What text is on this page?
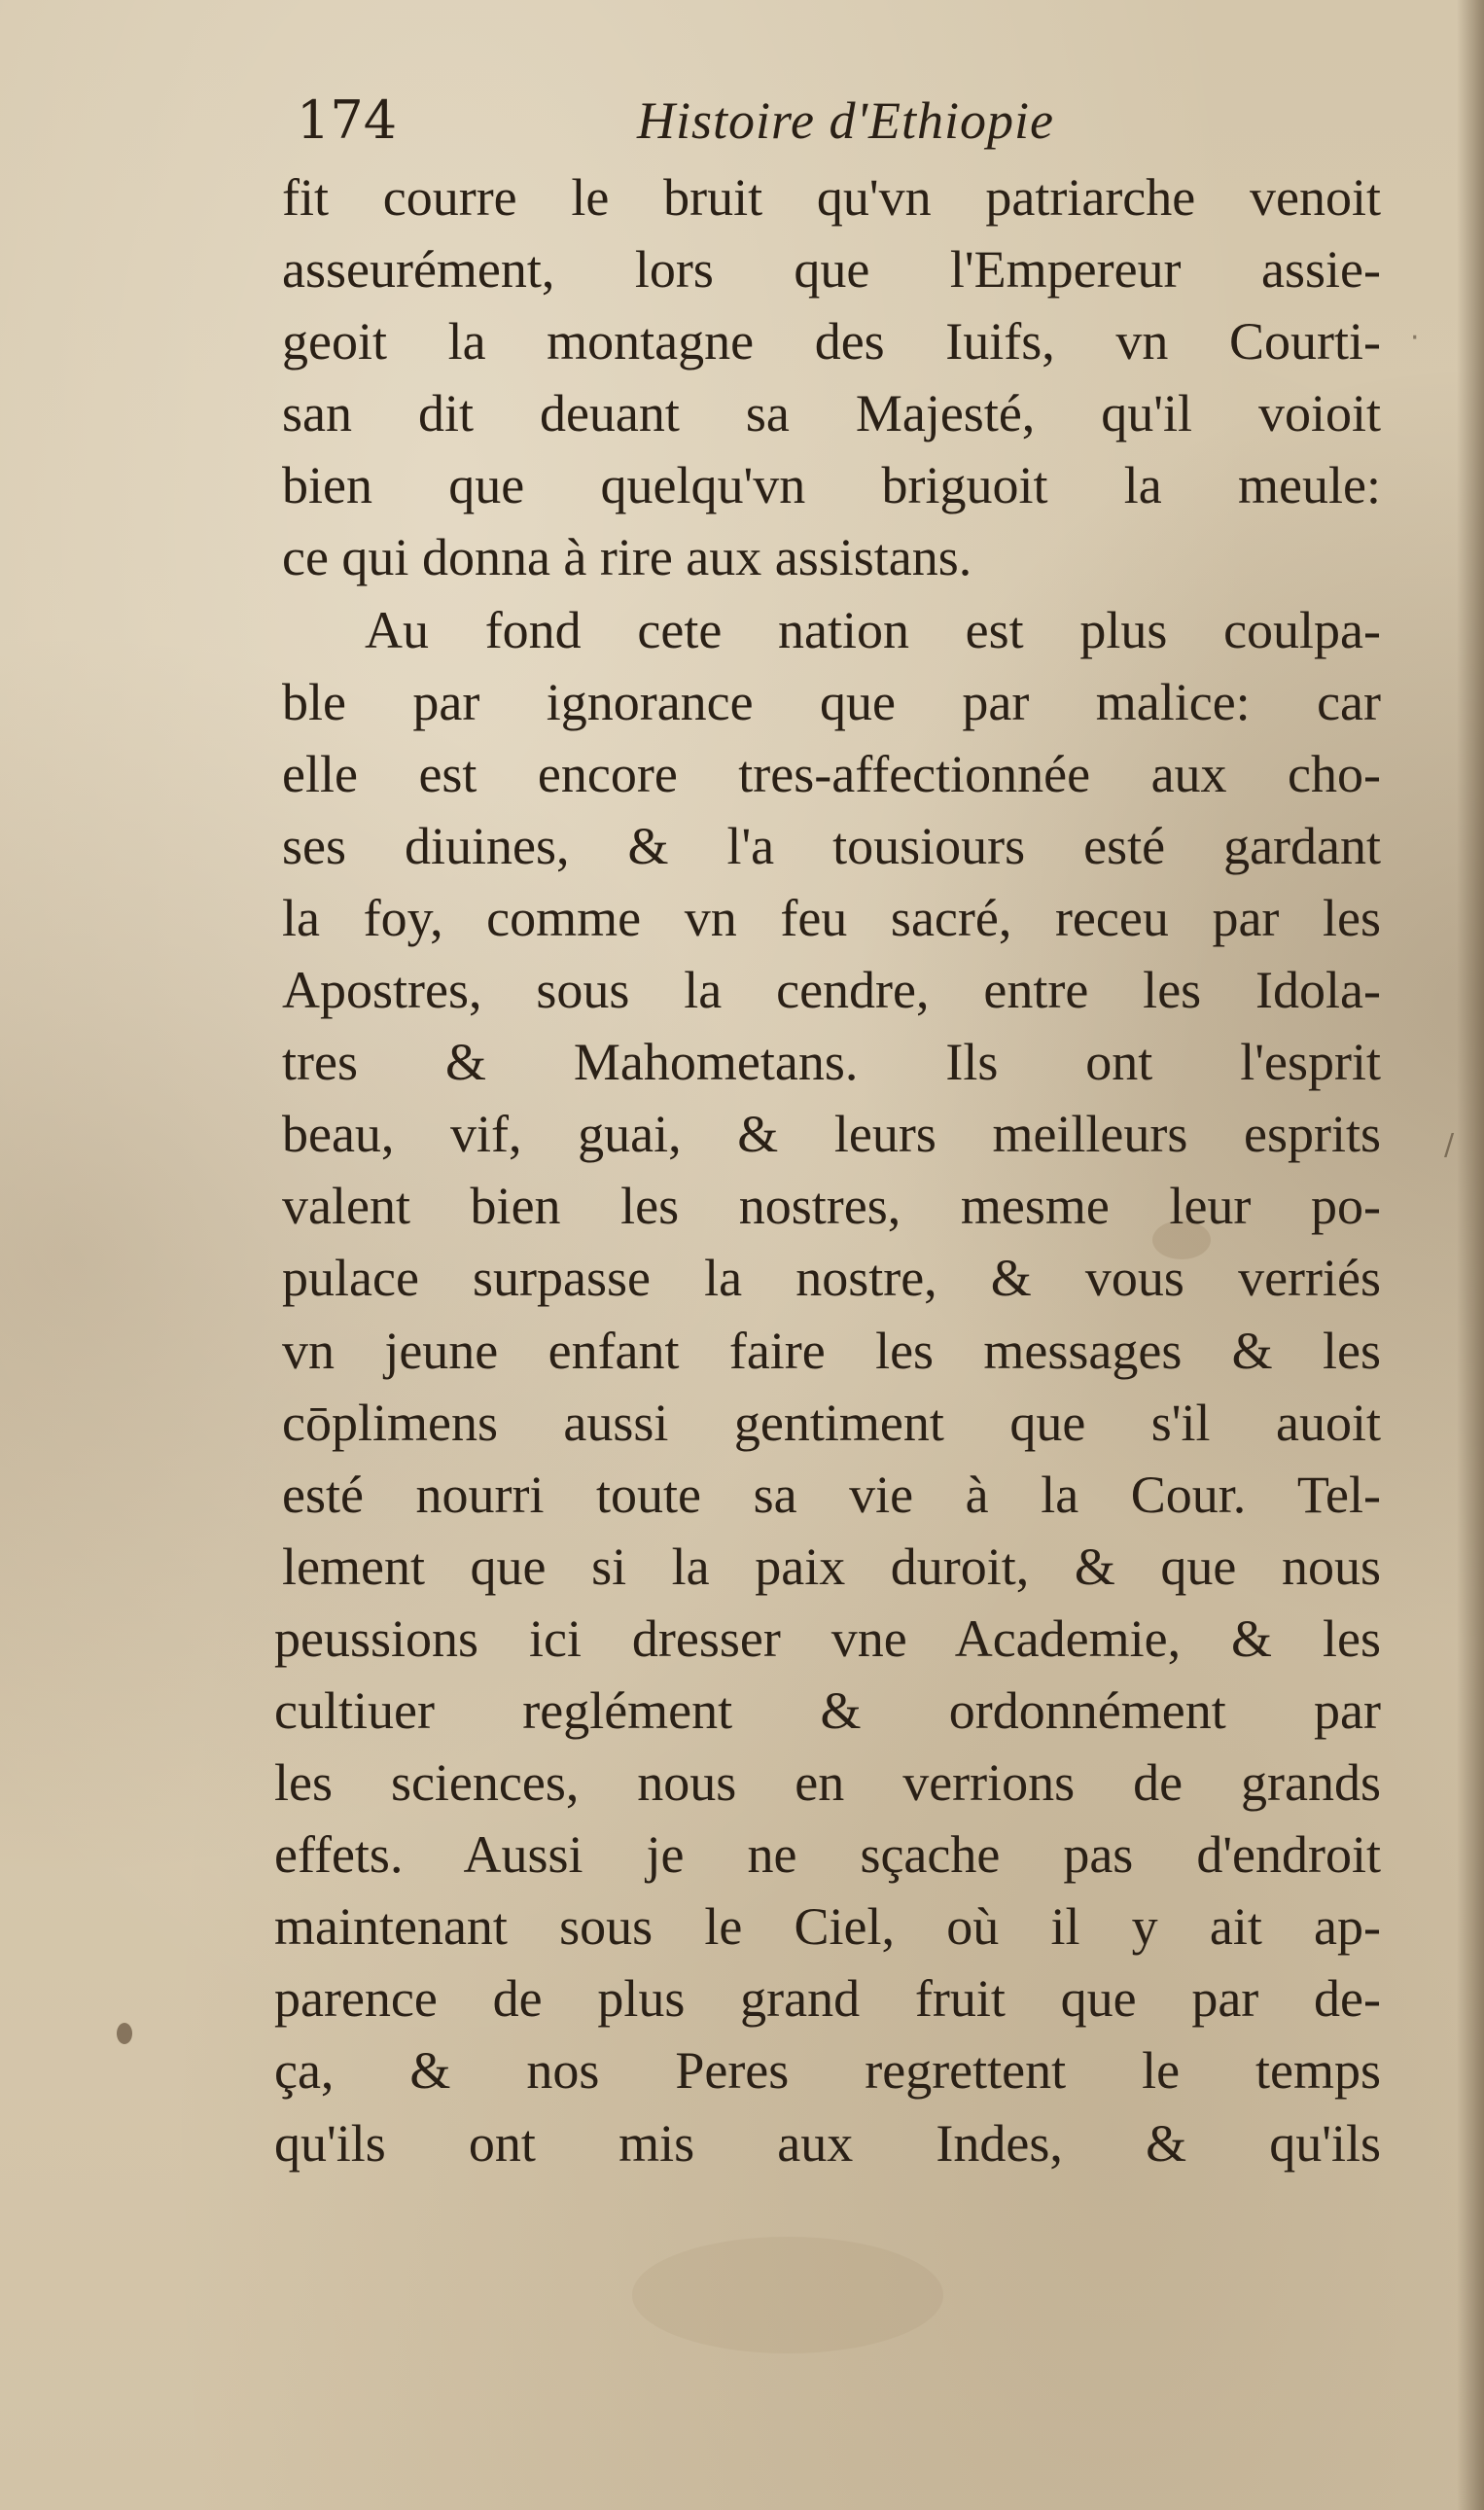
·
/
174	Histoire d'Ethiopie
fit courre le bruit qu'vn patriarche venoit
asseurément, lors que l'Empereur assie-
geoit la montagne des Iuifs, vn Courti-
san dit deuant sa Majesté, qu'il voioit
bien que quelqu'vn briguoit la meule:
ce qui donna à rire aux assistans.
Au fond cete nation est plus coulpa-
ble par ignorance que par malice: car
elle est encore tres-affectionnée aux cho-
ses diuines, & l'a tousiours esté gardant
la foy, comme vn feu sacré, receu par les
Apostres, sous la cendre, entre les Idola-
tres & Mahometans. Ils ont l'esprit
beau, vif, guai, & leurs meilleurs esprits
valent bien les nostres, mesme leur po-
pulace surpasse la nostre, & vous verriés
vn jeune enfant faire les messages & les
cōplimens aussi gentiment que s'il auoit
esté nourri toute sa vie à la Cour. Tel-
lement que si la paix duroit, & que nous
peussions ici dresser vne Academie, & les
cultiuer reglément & ordonnément par
les sciences, nous en verrions de grands
effets. Aussi je ne sçache pas d'endroit
maintenant sous le Ciel, où il y ait ap-
parence de plus grand fruit que par de-
ça, & nos Peres regrettent le temps
qu'ils ont mis aux Indes, & qu'ils
